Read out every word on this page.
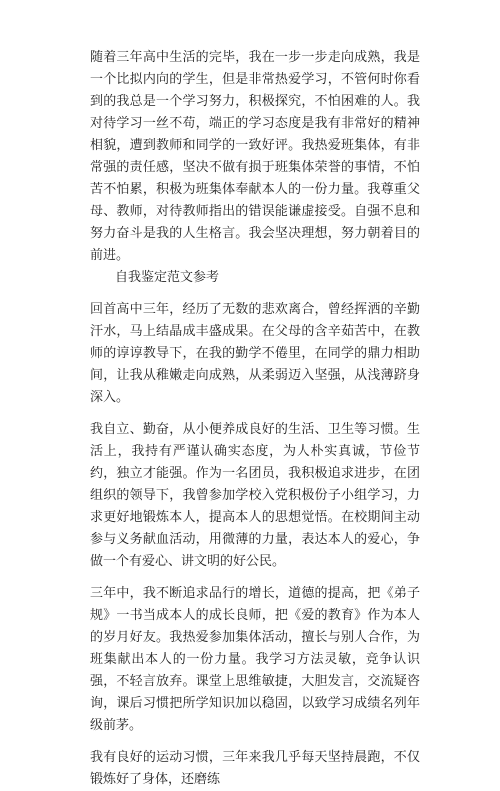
随着三年高中生活的完毕，我在一步一步走向成熟，我是一个比拟内向的学生，但是非常热爱学习，不管何时你看到的我总是一个学习努力，积极探究，不怕困难的人。我对待学习一丝不苟，端正的学习态度是我有非常好的精神相貌，遭到教师和同学的一致好评。我热爱班集体，有非常强的责任感，坚决不做有损于班集体荣誉的事情，不怕苦不怕累，积极为班集体奉献本人的一份力量。我尊重父母、教师，对待教师指出的错误能谦虚接受。自强不息和努力奋斗是我的人生格言。我会坚决理想，努力朝着目的前进。

自我鉴定范文参考

回首高中三年，经历了无数的悲欢离合，曾经挥洒的辛勤汗水，马上结晶成丰盛成果。在父母的含辛茹苦中，在教师的谆谆教导下，在我的勤学不倦里，在同学的鼎力相助间，让我从稚嫩走向成熟，从柔弱迈入坚强，从浅薄跻身深入。

我自立、勤奋，从小便养成良好的生活、卫生等习惯。生活上，我持有严谨认确实态度，为人朴实真诚，节俭节约，独立才能强。作为一名团员，我积极追求进步，在团组织的领导下，我曾参加学校入党积极份子小组学习，力求更好地锻炼本人，提高本人的思想觉悟。在校期间主动参与义务献血活动，用微薄的力量，表达本人的爱心，争做一个有爱心、讲文明的好公民。

三年中，我不断追求品行的增长，道德的提高，把《弟子规》一书当成本人的成长良师，把《爱的教育》作为本人的岁月好友。我热爱参加集体活动，擅长与别人合作，为班集献出本人的一份力量。我学习方法灵敏，竞争认识强，不轻言放弃。课堂上思维敏捷，大胆发言，交流疑咨询，课后习惯把所学知识加以稳固，以致学习成绩名列年级前茅。

我有良好的运动习惯，三年来我几乎每天坚持晨跑，不仅锻炼好了身体，还磨练
